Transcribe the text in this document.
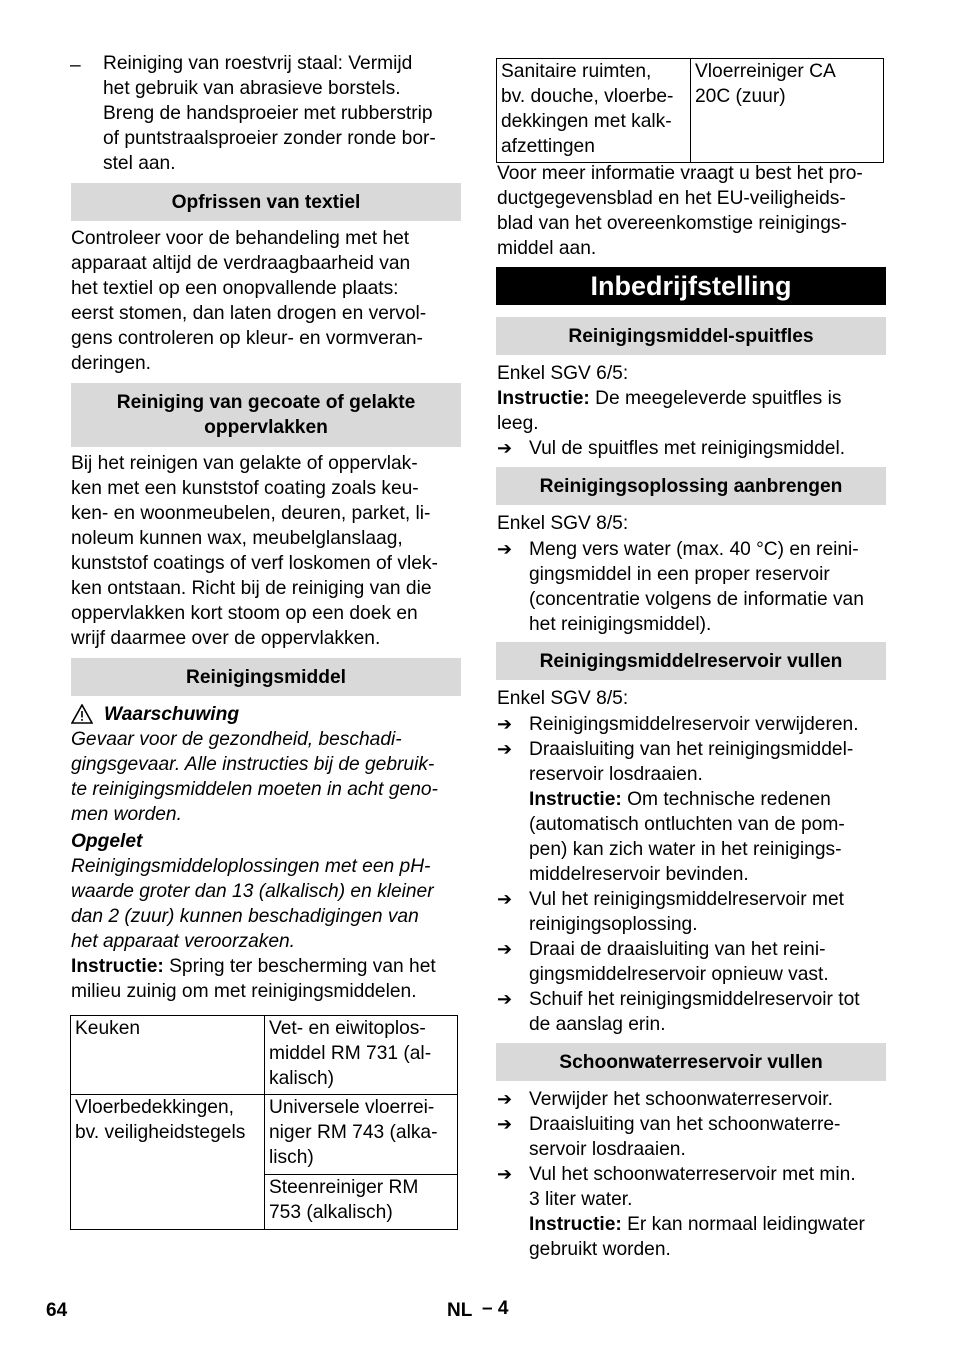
– Reiniging van roestvrij staal: Vermijd
het gebruik van abrasieve borstels.
Breng de handsproeier met rubberstrip
of puntstraalsproeier zonder ronde bor-
stel aan.
Opfrissen van textiel
Controleer voor de behandeling met het
apparaat altijd de verdraagbaarheid van
het textiel op een onopvallende plaats:
eerst stomen, dan laten drogen en vervol-
gens controleren op kleur- en vormveran-
deringen.
Reiniging van gecoate of gelakte
oppervlakken
Bij het reinigen van gelakte of oppervlak-
ken met een kunststof coating zoals keu-
ken- en woonmeubelen, deuren, parket, li-
noleum kunnen wax, meubelglanslaag,
kunststof coatings of verf loskomen of vlek-
ken ontstaan. Richt bij de reiniging van die
oppervlakken kort stoom op een doek en
wrijf daarmee over de oppervlakken.
Reinigingsmiddel
Waarschuwing
Gevaar voor de gezondheid, beschadi-
gingsgevaar. Alle instructies bij de gebruik-
te reinigingsmiddelen moeten in acht geno-
men worden.
Opgelet
Reinigingsmiddeloplossingen met een pH-
waarde groter dan 13 (alkalisch) en kleiner
dan 2 (zuur) kunnen beschadigingen van
het apparaat veroorzaken.
Instructie: Spring ter bescherming van het
milieu zuinig om met reinigingsmiddelen.
Keuken	Vet- en eiwitoplos-
middel RM 731 (al-
kalisch)
Vloerbedekkingen,
bv. veiligheidstegels	Universele vloerrei-
niger RM 743 (alka-
lisch)
	Steenreiniger RM
753 (alkalisch)
Sanitaire ruimten,
bv. douche, vloerbe-
dekkingen met kalk-
afzettingen	Vloerreiniger CA
20C (zuur)
Voor meer informatie vraagt u best het pro-
ductgegevensblad en het EU-veiligheids-
blad van het overeenkomstige reinigings-
middel aan.
Inbedrijfstelling
Reinigingsmiddel-spuitfles
Enkel SGV 6/5:
Instructie: De meegeleverde spuitfles is
leeg.
➔ Vul de spuitfles met reinigingsmiddel.
Reinigingsoplossing aanbrengen
Enkel SGV 8/5:
➔ Meng vers water (max. 40 °C) en reini-
gingsmiddel in een proper reservoir
(concentratie volgens de informatie van
het reinigingsmiddel).
Reinigingsmiddelreservoir vullen
Enkel SGV 8/5:
➔ Reinigingsmiddelreservoir verwijderen.
➔ Draaisluiting van het reinigingsmiddel-
reservoir losdraaien.
Instructie: Om technische redenen
(automatisch ontluchten van de pom-
pen) kan zich water in het reinigings-
middelreservoir bevinden.
➔ Vul het reinigingsmiddelreservoir met
reinigingsoplossing.
➔ Draai de draaisluiting van het reini-
gingsmiddelreservoir opnieuw vast.
➔ Schuif het reinigingsmiddelreservoir tot
de aanslag erin.
Schoonwaterreservoir vullen
➔ Verwijder het schoonwaterreservoir.
➔ Draaisluiting van het schoonwaterre-
servoir losdraaien.
➔ Vul het schoonwaterreservoir met min.
3 liter water.
Instructie: Er kan normaal leidingwater
gebruikt worden.
64	NL – 4
